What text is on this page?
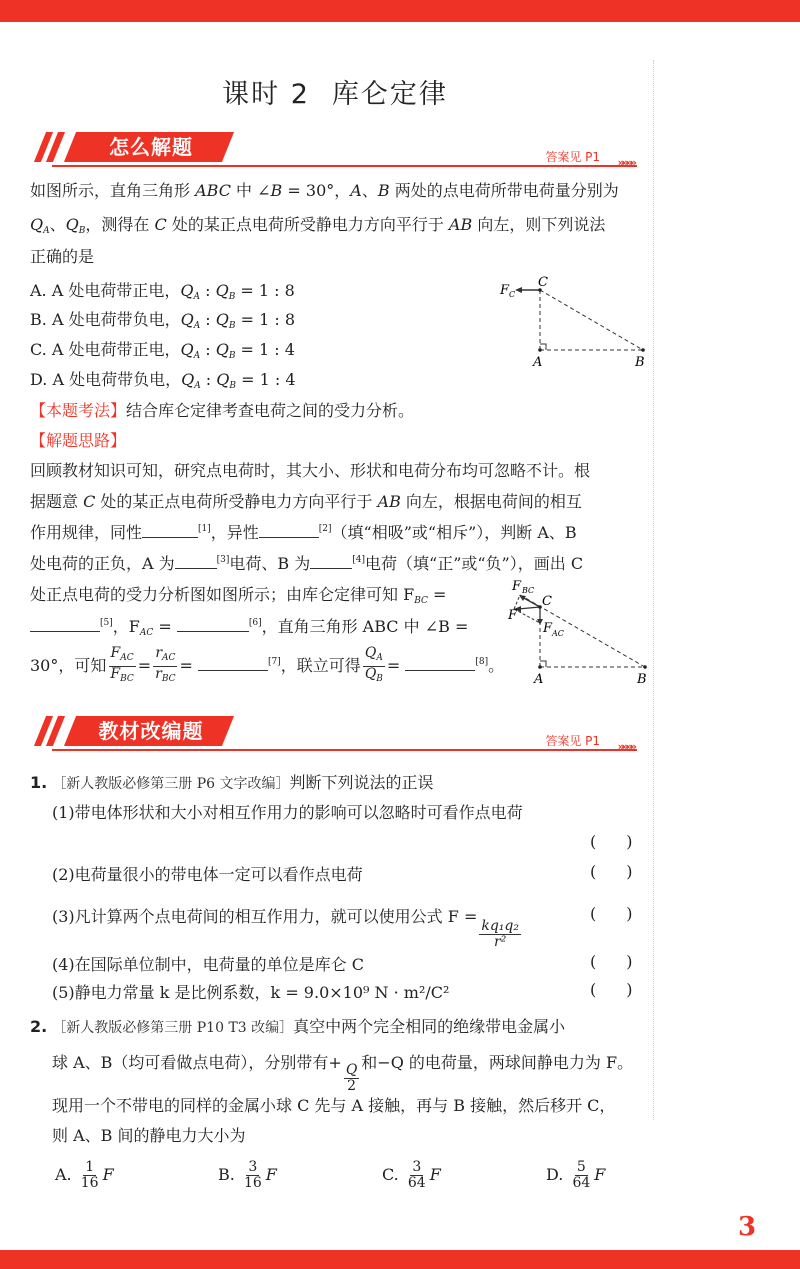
课时 2 库仑定律
怎么解题	答案见 P1 »»»»
如图所示，直角三角形 ABC 中 ∠B = 30°，A、B 两处的点电荷所带电荷量分别为
$Q_A$、$Q_B$，测得在 C 处的某正点电荷所受静电力方向平行于 AB 向左，则下列说法
正确的是
A. A 处电荷带正电，$Q_A$ : $Q_B = 1$ : 8
B. A 处电荷带负电，$Q_A$ : $Q_B = 1$ : 8
C. A 处电荷带正电，$Q_A$ : $Q_B = 1$ : 4
D. A 处电荷带负电，$Q_A$ : $Q_B = 1$ : 4
F C
C
A	B
【本题考法】结合库仑定律考查电荷之间的受力分析。
【解题思路】
回顾教材知识可知，研究点电荷时，其大小、形状和电荷分布均可忽略不计。根
据题意 C 处的某正点电荷所受静电力方向平行于 AB 向左，根据电荷间的相互
作用规律，同性	[1]，异性	[2]（填“相吸”或“相斥”），判断 A、B
处电荷的正负，A 为	[3]电荷、B 为	[4]电荷（填“正”或“负”），画出 C
处正点电荷的受力分析图如图所示；由库仑定律可知 $F_{BC}$ =
[5]，$F_{AC}$ =	[6]，直角三角形 ABC 中 ∠B =
30°，可知 $\frac{F_{AC}}{F_{BC}} = \frac{r_{AC}}{r_{BC}}$ =	[7]，联立可得 $\frac{Q_A}{Q_B}$ =	[8]。
F BC
C
F
F AC
A	B
教材改编题	答案见 P1 »»»»
1. ［新人教版必修第三册 P6 文字改编］判断下列说法的正误
(1)带电体形状和大小对相互作用力的影响可以忽略时可看作点电荷
( )
(2)电荷量很小的带电体一定可以看作点电荷	( )
(3)凡计算两个点电荷间的相互作用力，就可以使用公式 F =
$\frac{\text{kq₁q₂}}{\text{r²}}$
( )
(4)在国际单位制中，电荷量的单位是库仑 C	( )
(5)静电力常量 k 是比例系数，k = 9.0×10⁹ N · m²/C²	( )
2. ［新人教版必修第三册 P10 T3 改编］真空中两个完全相同的绝缘带电金属小
球 A、B（均可看做点电荷），分别带有+
$\frac{Q}{2}$
和−Q 的电荷量，两球间静电力为 F。
现用一个不带电的同样的金属小球 C 先与 A 接触，再与 B 接触，然后移开 C，
则 A、B 间的静电力大小为
A. $\frac{1}{16}$ F	B. $\frac{3}{16}$ F	C. $\frac{3}{64}$ F	D. $\frac{5}{64}$ F
3
